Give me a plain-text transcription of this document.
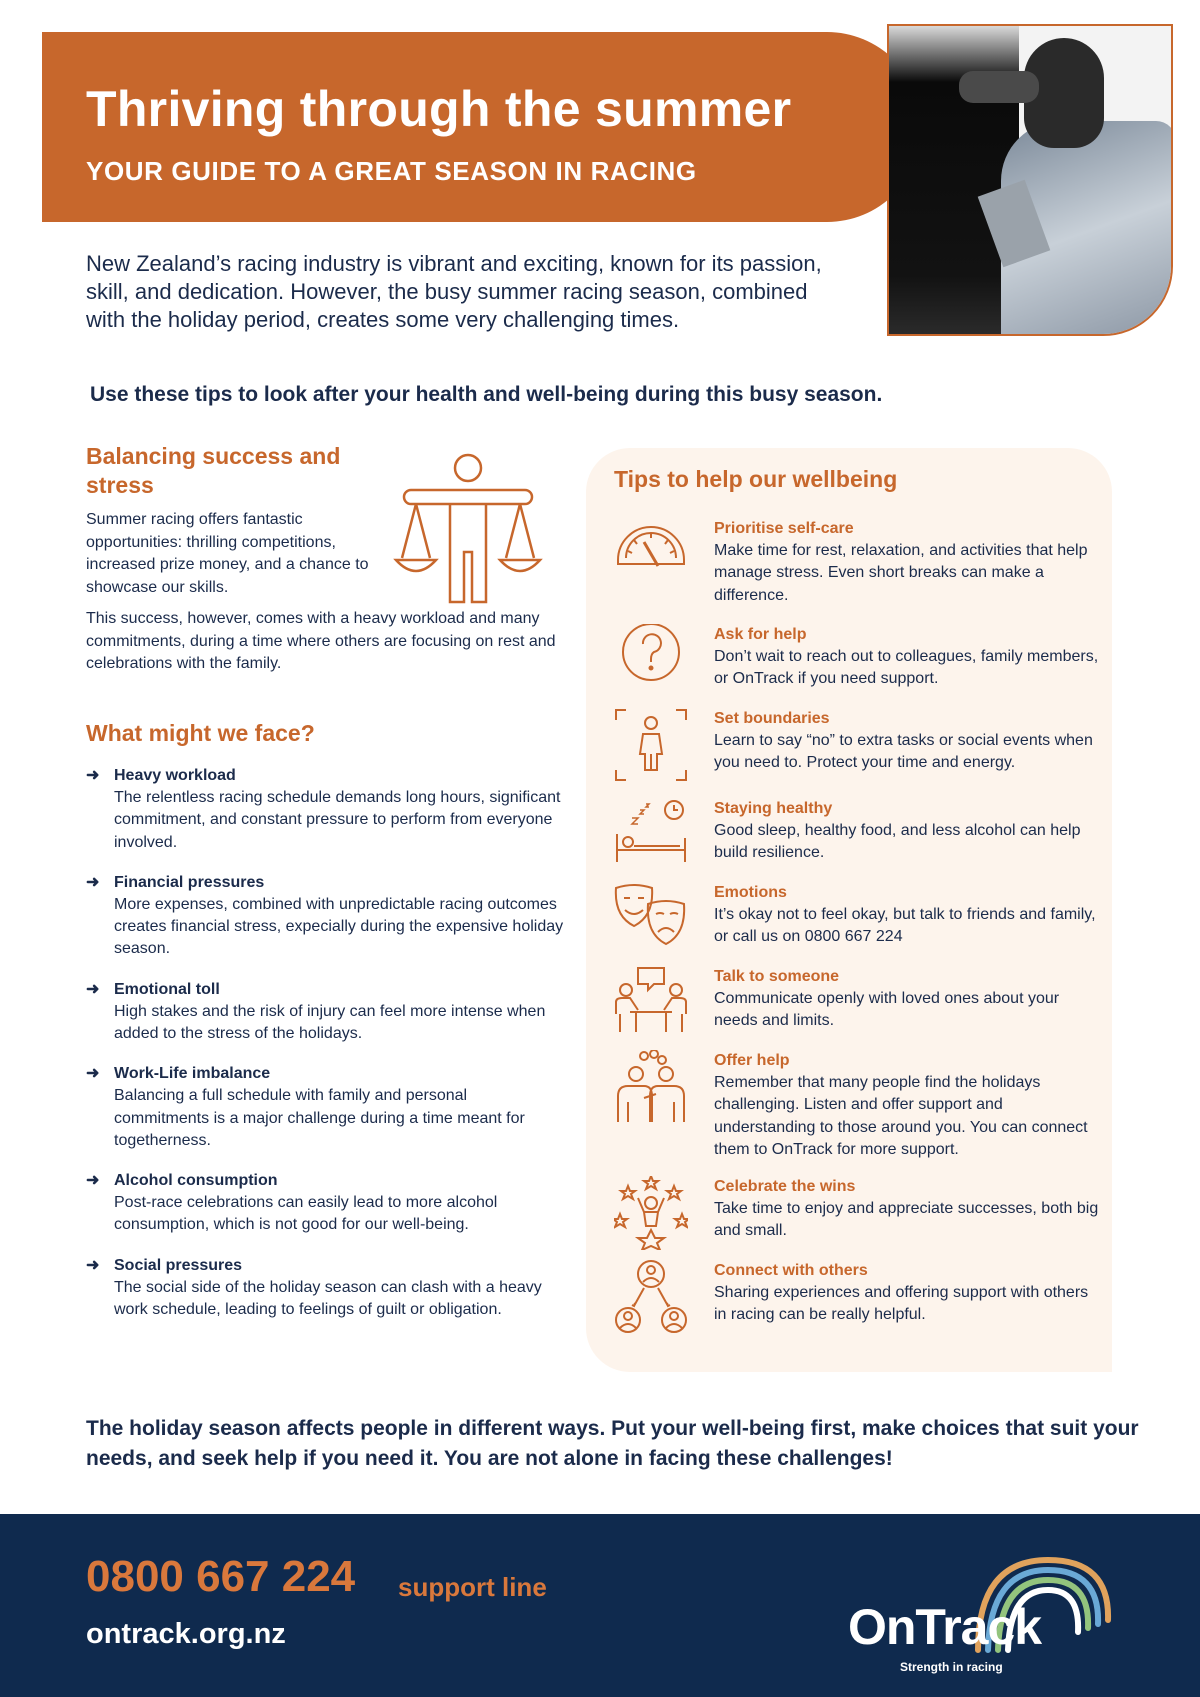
Thriving through the summer
YOUR GUIDE TO A GREAT SEASON IN RACING

New Zealand’s racing industry is vibrant and exciting, known for its passion, skill, and dedication. However, the busy summer racing season, combined with the holiday period, creates some very challenging times.

Use these tips to look after your health and well-being during this busy season.

Balancing success and stress

Summer racing offers fantastic opportunities: thrilling competitions, increased prize money, and a chance to showcase our skills.

This success, however, comes with a heavy workload and many commitments, during a time where others are focusing on rest and celebrations with the family.

What might we face?
➜ Heavy workload
The relentless racing schedule demands long hours, significant commitment, and constant pressure to perform from everyone involved.
➜ Financial pressures
More expenses, combined with unpredictable racing outcomes creates financial stress, expecially during the expensive holiday season.
➜ Emotional toll
High stakes and the risk of injury can feel more intense when added to the stress of the holidays.
➜ Work-Life imbalance
Balancing a full schedule with family and personal commitments is a major challenge during a time meant for togetherness.
➜ Alcohol consumption
Post-race celebrations can easily lead to more alcohol consumption, which is not good for our well-being.
➜ Social pressures
The social side of the holiday season can clash with a heavy work schedule, leading to feelings of guilt or obligation.
Tips to help our wellbeing
Prioritise self-care
Make time for rest, relaxation, and activities that help manage stress. Even short breaks can make a difference.
Ask for help
Don’t wait to reach out to colleagues, family members, or OnTrack if you need support.
Set boundaries
Learn to say “no” to extra tasks or social events when you need to. Protect your time and energy.
Staying healthy
Good sleep, healthy food, and less alcohol can help build resilience.
Emotions
It’s okay not to feel okay, but talk to friends and family, or call us on 0800 667 224
Talk to someone
Communicate openly with loved ones about your needs and limits.
Offer help
Remember that many people find the holidays challenging. Listen and offer support and understanding to those around you. You can connect them to OnTrack for more support.
Celebrate the wins
Take time to enjoy and appreciate successes, both big and small.
Connect with others
Sharing experiences and offering support with others in racing can be really helpful.

The holiday season affects people in different ways. Put your well-being first, make choices that suit your needs, and seek help if you need it. You are not alone in facing these challenges!

0800 667 224 support line
ontrack.org.nz	OnTrack
Strength in racing
